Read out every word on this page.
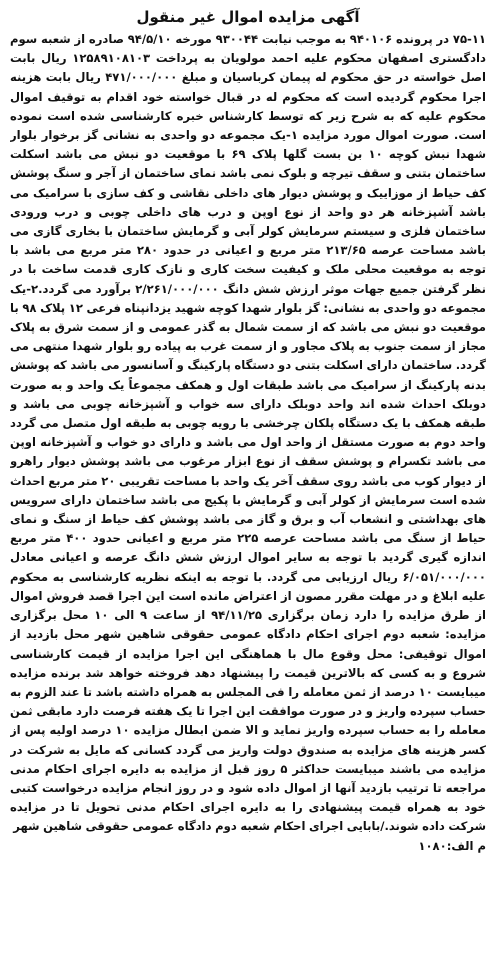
آگهی مزایده اموال غیر منقول

۷۵-۱۱ در پرونده ۹۴۰۱۰۶ به موجب نیابت ۹۳۰۰۴۴ مورخه ۹۴/۵/۱۰ صادره از شعبه سوم دادگستری اصفهان محکوم علیه احمد مولویان به پرداخت ۱۲۵۸۹۱۰۸۱۰۳ ریال بابت اصل خواسته در حق محکوم له پیمان کرباسیان و مبلغ ۴۷۱/۰۰۰/۰۰۰ ریال بابت هزینه اجرا محکوم گردیده است که محکوم له در قبال خواسته خود اقدام به توقیف اموال محکوم علیه که به شرح زیر که توسط کارشناس خبره کارشناسی شده است نموده است. صورت اموال مورد مزایده ۱-یک مجموعه دو واحدی به نشانی گز برخوار بلوار شهدا نبش کوچه ۱۰ بن بست گلها پلاک ۶۹ با موقعیت دو نبش می باشد اسکلت ساختمان بتنی و سقف تیرچه و بلوک نمی باشد نمای ساختمان از آجر و سنگ پوشش کف حیاط از موزاییک و پوشش دیوار های داخلی نقاشی و کف سازی با سرامیک می باشد آشپزخانه هر دو واحد از نوع اوپن و درب های داخلی چوبی و درب ورودی ساختمان فلزی و سیستم سرمایش کولر آبی و گرمایش ساختمان با بخاری گازی می باشد مساحت عرصه ۲۱۳/۶۵ متر مربع و اعیانی در حدود ۲۸۰ متر مربع می باشد با توجه به موقعیت محلی ملک و کیفیت سخت کاری و نازک کاری قدمت ساخت با در نظر گرفتن جمیع جهات موثر ارزش شش دانگ ۲/۲۶۱/۰۰۰/۰۰۰ برآورد می گردد.۲-یک مجموعه دو واحدی به نشانی: گز بلوار شهدا کوچه شهید یزدانپناه فرعی ۱۲ پلاک ۹۸ با موقعیت دو نبش می باشد که از سمت شمال به گذر عمومی و از سمت شرق به پلاک مجاز از سمت جنوب به پلاک مجاور و از سمت غرب به پیاده رو بلوار شهدا منتهی می گردد. ساختمان دارای اسکلت بتنی دو دستگاه پارکینگ و آسانسور می باشد که پوشش بدنه پارکینگ از سرامیک می باشد طبقات اول و همکف مجموعاً یک واحد و به صورت دوبلک احداث شده اند واحد دوبلک دارای سه خواب و آشپزخانه چوبی می باشد و طبقه همکف با یک دستگاه پلکان چرخشی با رویه چوبی به طبقه اول متصل می گردد واحد دوم به صورت مستقل از واحد اول می باشد و دارای دو خواب و آشپزخانه اوپن می باشد تکسرام و پوشش سقف از نوع ابزار مرغوب می باشد پوشش دیوار راهرو از دیوار کوب می باشد روی سقف آخر یک واحد با مساحت تقریبی ۲۰ متر مربع احداث شده است سرمایش از کولر آبی و گرمایش با پکیج می باشد ساختمان دارای سرویس های بهداشتی و انشعاب آب و برق و گاز می باشد پوشش کف حیاط از سنگ و نمای حیاط از سنگ می باشد مساحت عرصه ۲۲۵ متر مربع و اعیانی حدود ۴۰۰ متر مربع اندازه گیری گردید با توجه به سایر اموال ارزش شش دانگ عرصه و اعیانی معادل ۶/۰۵۱/۰۰۰/۰۰۰ ریال ارزیابی می گردد. با توجه به اینکه نظریه کارشناسی به محکوم علیه ابلاغ و در مهلت مقرر مصون از اعتراض مانده است این اجرا قصد فروش اموال از طرق مزایده را دارد زمان برگزاری ۹۴/۱۱/۲۵ از ساعت ۹ الی ۱۰ محل برگزاری مزایده: شعبه دوم اجرای احکام دادگاه عمومی حقوقی شاهین شهر محل بازدید از اموال توقیفی: محل وقوع مال با هماهنگی این اجرا مزایده از قیمت کارشناسی شروع و به کسی که بالاترین قیمت را پیشنهاد دهد فروخته خواهد شد برنده مزایده میبایست ۱۰ درصد از ثمن معامله را فی المجلس به همراه داشته باشد تا عند الزوم به حساب سپرده واریز و در صورت موافقت این اجرا تا یک هفته فرصت دارد مابقی ثمن معامله را به حساب سپرده واریز نماید و الا ضمن ابطال مزایده ۱۰ درصد اولیه پس از کسر هزینه های مزایده به صندوق دولت واریز می گردد کسانی که مایل به شرکت در مزایده می باشند میبایست حداکثر ۵ روز قبل از مزایده به دایره اجرای احکام مدنی مراجعه تا ترتیب بازدید آنها از اموال داده شود و در روز انجام مزایده درخواست کتبی خود به همراه قیمت پیشنهادی را به دایره اجرای احکام مدنی تحویل تا در مزایده شرکت داده شوند./بابایی اجرای احکام شعبه دوم دادگاه عمومی حقوقی شاهین شهر

م الف:۱۰۸۰
